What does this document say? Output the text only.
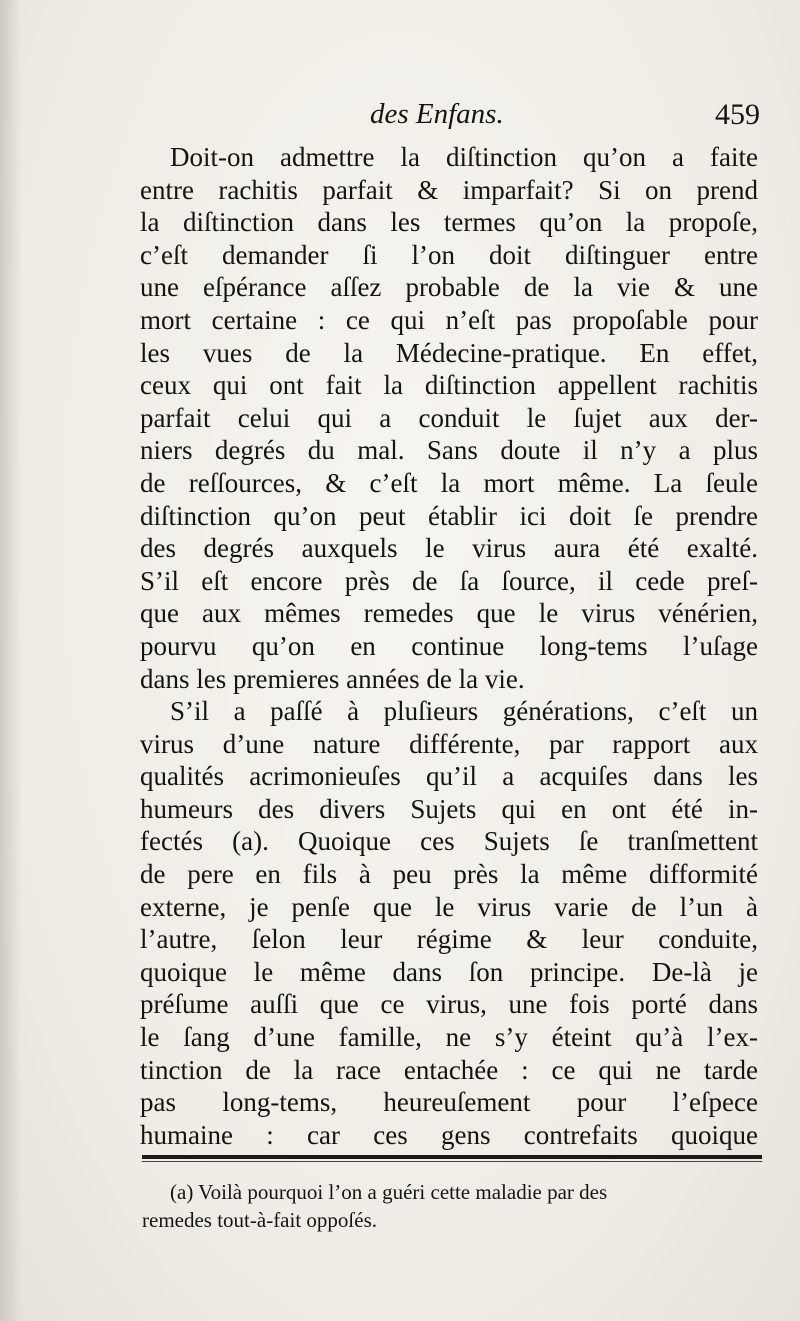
des Enfans.	459
Doit-on admettre la diſtinction qu’on a faite
entre rachitis parfait & imparfait? Si on prend
la diſtinction dans les termes qu’on la propoſe,
c’eſt demander ſi l’on doit diſtinguer entre
une eſpérance aſſez probable de la vie & une
mort certaine : ce qui n’eſt pas propoſable pour
les vues de la Médecine-pratique. En effet,
ceux qui ont fait la diſtinction appellent rachitis
parfait celui qui a conduit le ſujet aux der-
niers degrés du mal. Sans doute il n’y a plus
de reſſources, & c’eſt la mort même. La ſeule
diſtinction qu’on peut établir ici doit ſe prendre
des degrés auxquels le virus aura été exalté.
S’il eſt encore près de ſa ſource, il cede preſ-
que aux mêmes remedes que le virus vénérien,
pourvu qu’on en continue long-tems l’uſage
dans les premieres années de la vie.
S’il a paſſé à pluſieurs générations, c’eſt un
virus d’une nature différente, par rapport aux
qualités acrimonieuſes qu’il a acquiſes dans les
humeurs des divers Sujets qui en ont été in-
fectés (a). Quoique ces Sujets ſe tranſmettent
de pere en fils à peu près la même difformité
externe, je penſe que le virus varie de l’un à
l’autre, ſelon leur régime & leur conduite,
quoique le même dans ſon principe. De-là je
préſume auſſi que ce virus, une fois porté dans
le ſang d’une famille, ne s’y éteint qu’à l’ex-
tinction de la race entachée : ce qui ne tarde
pas long-tems, heureuſement pour l’eſpece
humaine : car ces gens contrefaits quoique
(a) Voilà pourquoi l’on a guéri cette maladie par des
remedes tout-à-fait oppoſés.
